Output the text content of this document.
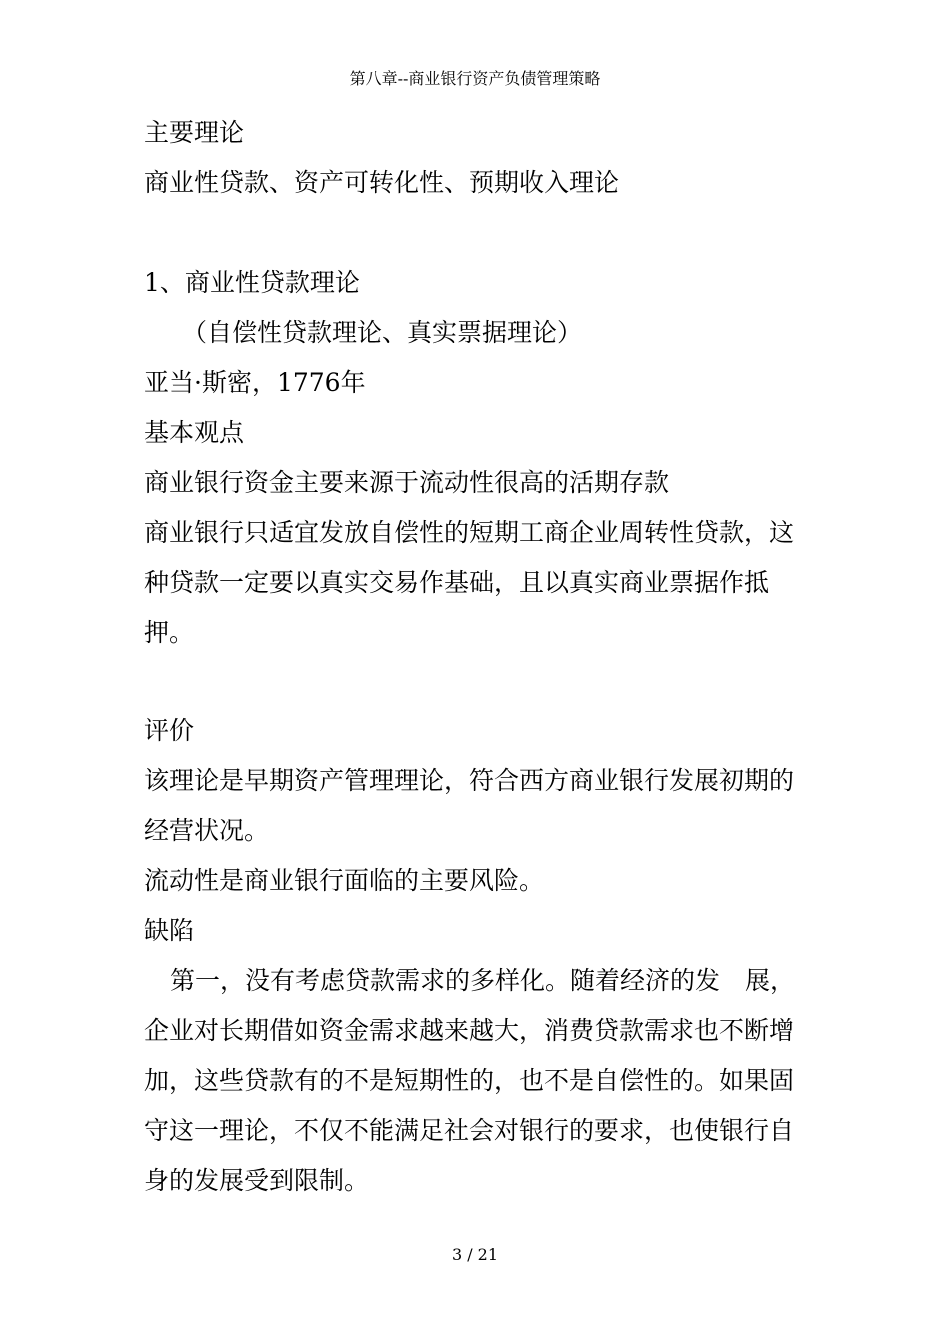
第八章--商业银行资产负债管理策略
主要理论
商业性贷款、资产可转化性、预期收入理论
1、商业性贷款理论
（自偿性贷款理论、真实票据理论）
亚当·斯密，1776年
基本观点
商业银行资金主要来源于流动性很高的活期存款
商业银行只适宜发放自偿性的短期工商企业周转性贷款，这
种贷款一定要以真实交易作基础，且以真实商业票据作抵
押。
评价
该理论是早期资产管理理论，符合西方商业银行发展初期的
经营状况。
流动性是商业银行面临的主要风险。
缺陷
第一，没有考虑贷款需求的多样化。随着经济的发　展，
企业对长期借如资金需求越来越大，消费贷款需求也不断增
加，这些贷款有的不是短期性的，也不是自偿性的。如果固
守这一理论，不仅不能满足社会对银行的要求，也使银行自
身的发展受到限制。
3 / 21
